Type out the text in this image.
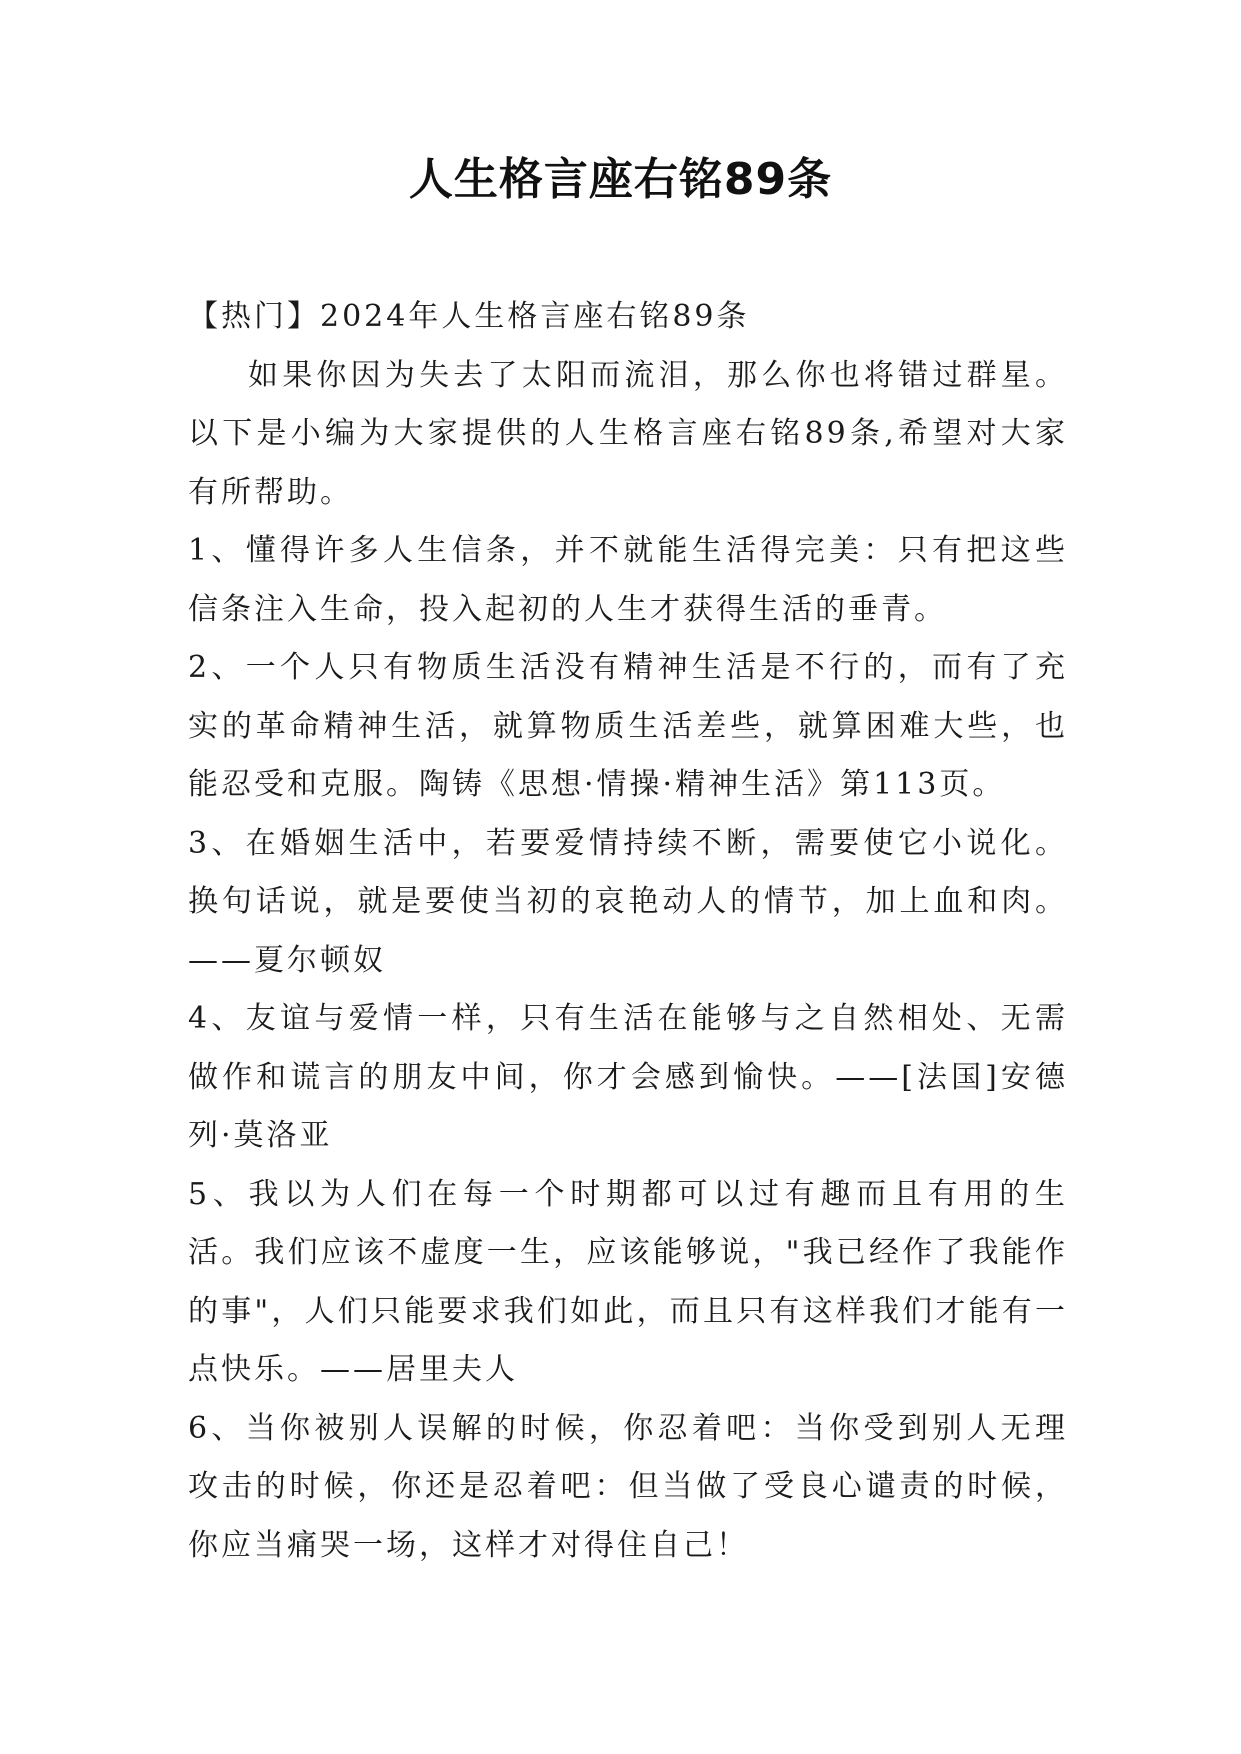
人生格言座右铭89条

【热门】2024年人生格言座右铭89条

如果你因为失去了太阳而流泪，那么你也将错过群星。以下是小编为大家提供的人生格言座右铭89条,希望对大家有所帮助。

1、懂得许多人生信条，并不就能生活得完美：只有把这些信条注入生命，投入起初的人生才获得生活的垂青。

2、一个人只有物质生活没有精神生活是不行的，而有了充实的革命精神生活，就算物质生活差些，就算困难大些，也能忍受和克服。陶铸《思想·情操·精神生活》第113页。

3、在婚姻生活中，若要爱情持续不断，需要使它小说化。换句话说，就是要使当初的哀艳动人的情节，加上血和肉。——夏尔顿奴

4、友谊与爱情一样，只有生活在能够与之自然相处、无需做作和谎言的朋友中间，你才会感到愉快。——[法国]安德列·莫洛亚

5、我以为人们在每一个时期都可以过有趣而且有用的生活。我们应该不虚度一生，应该能够说，"我已经作了我能作的事"，人们只能要求我们如此，而且只有这样我们才能有一点快乐。——居里夫人

6、当你被别人误解的时候，你忍着吧：当你受到别人无理攻击的时候，你还是忍着吧：但当做了受良心谴责的时候，你应当痛哭一场，这样才对得住自己！
